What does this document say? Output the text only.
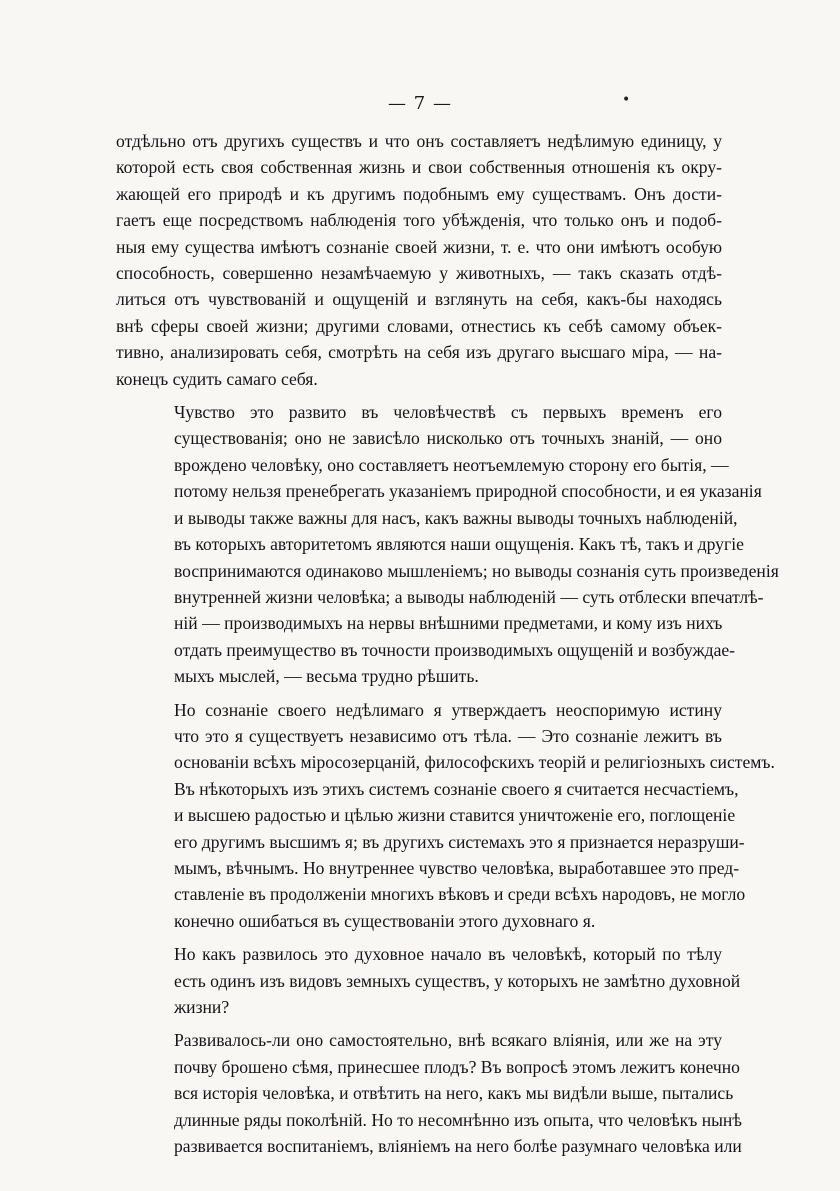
— 7 —	•
отдѣльно отъ другихъ существъ и что онъ составляетъ недѣлимую единицу, у
которой есть своя собственная жизнь и свои собственныя отношенія къ окру-
жающей его природѣ и къ другимъ подобнымъ ему существамъ. Онъ дости-
гаетъ еще посредствомъ наблюденія того убѣжденія, что только онъ и подоб-
ныя ему существа имѣютъ сознаніе своей жизни, т. е. что они имѣютъ особую
способность, совершенно незамѣчаемую у животныхъ, — такъ сказать отдѣ-
литься отъ чувствованій и ощущеній и взглянуть на себя, какъ-бы находясь
внѣ сферы своей жизни; другими словами, отнестись къ себѣ самому объек-
тивно, анализировать себя, смотрѣть на себя изъ другаго высшаго міра, — на-
конецъ судить самаго себя.
Чувство это развито въ человѣчествѣ съ первыхъ временъ его
существованія; оно не зависѣло нисколько отъ точныхъ знаній, — оно
врождено человѣку, оно составляетъ неотъемлемую сторону его бытія, —
потому нельзя пренебрегать указаніемъ природной способности, и ея указанія
и выводы также важны для насъ, какъ важны выводы точныхъ наблюденій,
въ которыхъ авторитетомъ являются наши ощущенія. Какъ тѣ, такъ и другіе
воспринимаются одинаково мышленіемъ; но выводы сознанія суть произведенія
внутренней жизни человѣка; а выводы наблюденій — суть отблески впечатлѣ-
ній — производимыхъ на нервы внѣшними предметами, и кому изъ нихъ
отдать преимущество въ точности производимыхъ ощущеній и возбуждае-
мыхъ мыслей, — весьма трудно рѣшить.
Но сознаніе своего недѣлимаго я утверждаетъ неоспоримую истину
что это я существуетъ независимо отъ тѣла. — Это сознаніе лежитъ въ
основаніи всѣхъ міросозерцаній, философскихъ теорій и религіозныхъ системъ.
Въ нѣкоторыхъ изъ этихъ системъ сознаніе своего я считается несчастіемъ,
и высшею радостью и цѣлью жизни ставится уничтоженіе его, поглощеніе
его другимъ высшимъ я; въ другихъ системахъ это я признается неразруши-
мымъ, вѣчнымъ. Но внутреннее чувство человѣка, выработавшее это пред-
ставленіе въ продолженіи многихъ вѣковъ и среди всѣхъ народовъ, не могло
конечно ошибаться въ существованіи этого духовнаго я.
Но какъ развилось это духовное начало въ человѣкѣ, который по тѣлу
есть одинъ изъ видовъ земныхъ существъ, у которыхъ не замѣтно духовной
жизни?
Развивалось-ли оно самостоятельно, внѣ всякаго вліянія, или же на эту
почву брошено сѣмя, принесшее плодъ? Въ вопросѣ этомъ лежитъ конечно
вся исторія человѣка, и отвѣтить на него, какъ мы видѣли выше, пытались
длинные ряды поколѣній. Но то несомнѣнно изъ опыта, что человѣкъ нынѣ
развивается воспитаніемъ, вліяніемъ на него болѣе разумнаго человѣка или
